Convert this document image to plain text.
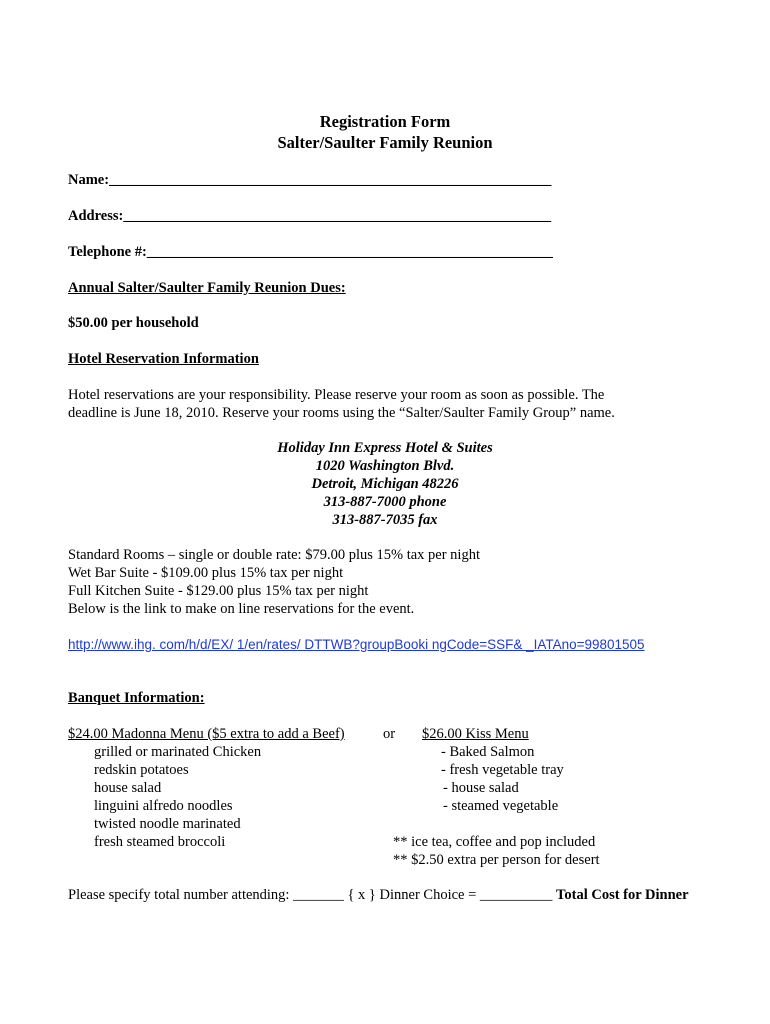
Registration Form
Salter/Saulter Family Reunion
Name:_____________________________________________________________
Address:___________________________________________________________
Telephone #:________________________________________________________
Annual Salter/Saulter Family Reunion Dues:
$50.00 per household
Hotel Reservation Information
Hotel reservations are your responsibility. Please reserve your room as soon as possible. The
deadline is June 18, 2010. Reserve your rooms using the “Salter/Saulter Family Group” name.
Holiday Inn Express Hotel & Suites
1020 Washington Blvd.
Detroit, Michigan 48226
313-887-7000 phone
313-887-7035 fax
Standard Rooms – single or double rate: $79.00 plus 15% tax per night
Wet Bar Suite - $109.00 plus 15% tax per night
Full Kitchen Suite - $129.00 plus 15% tax per night
Below is the link to make on line reservations for the event.
http://www.ihg. com/h/d/EX/ 1/en/rates/ DTTWB?groupBooki ngCode=SSF& _IATAno=99801505
Banquet Information:
$24.00 Madonna Menu ($5 extra to add a Beef)	or $26.00 Kiss Menu
grilled or marinated Chicken
redskin potatoes
house salad
linguini alfredo noodles
twisted noodle marinated
fresh steamed broccoli
- Baked Salmon
- fresh vegetable tray
- house salad
- steamed vegetable
** ice tea, coffee and pop included
** $2.50 extra per person for desert
Please specify total number attending: _______ { x } Dinner Choice = __________ Total Cost for Dinner
